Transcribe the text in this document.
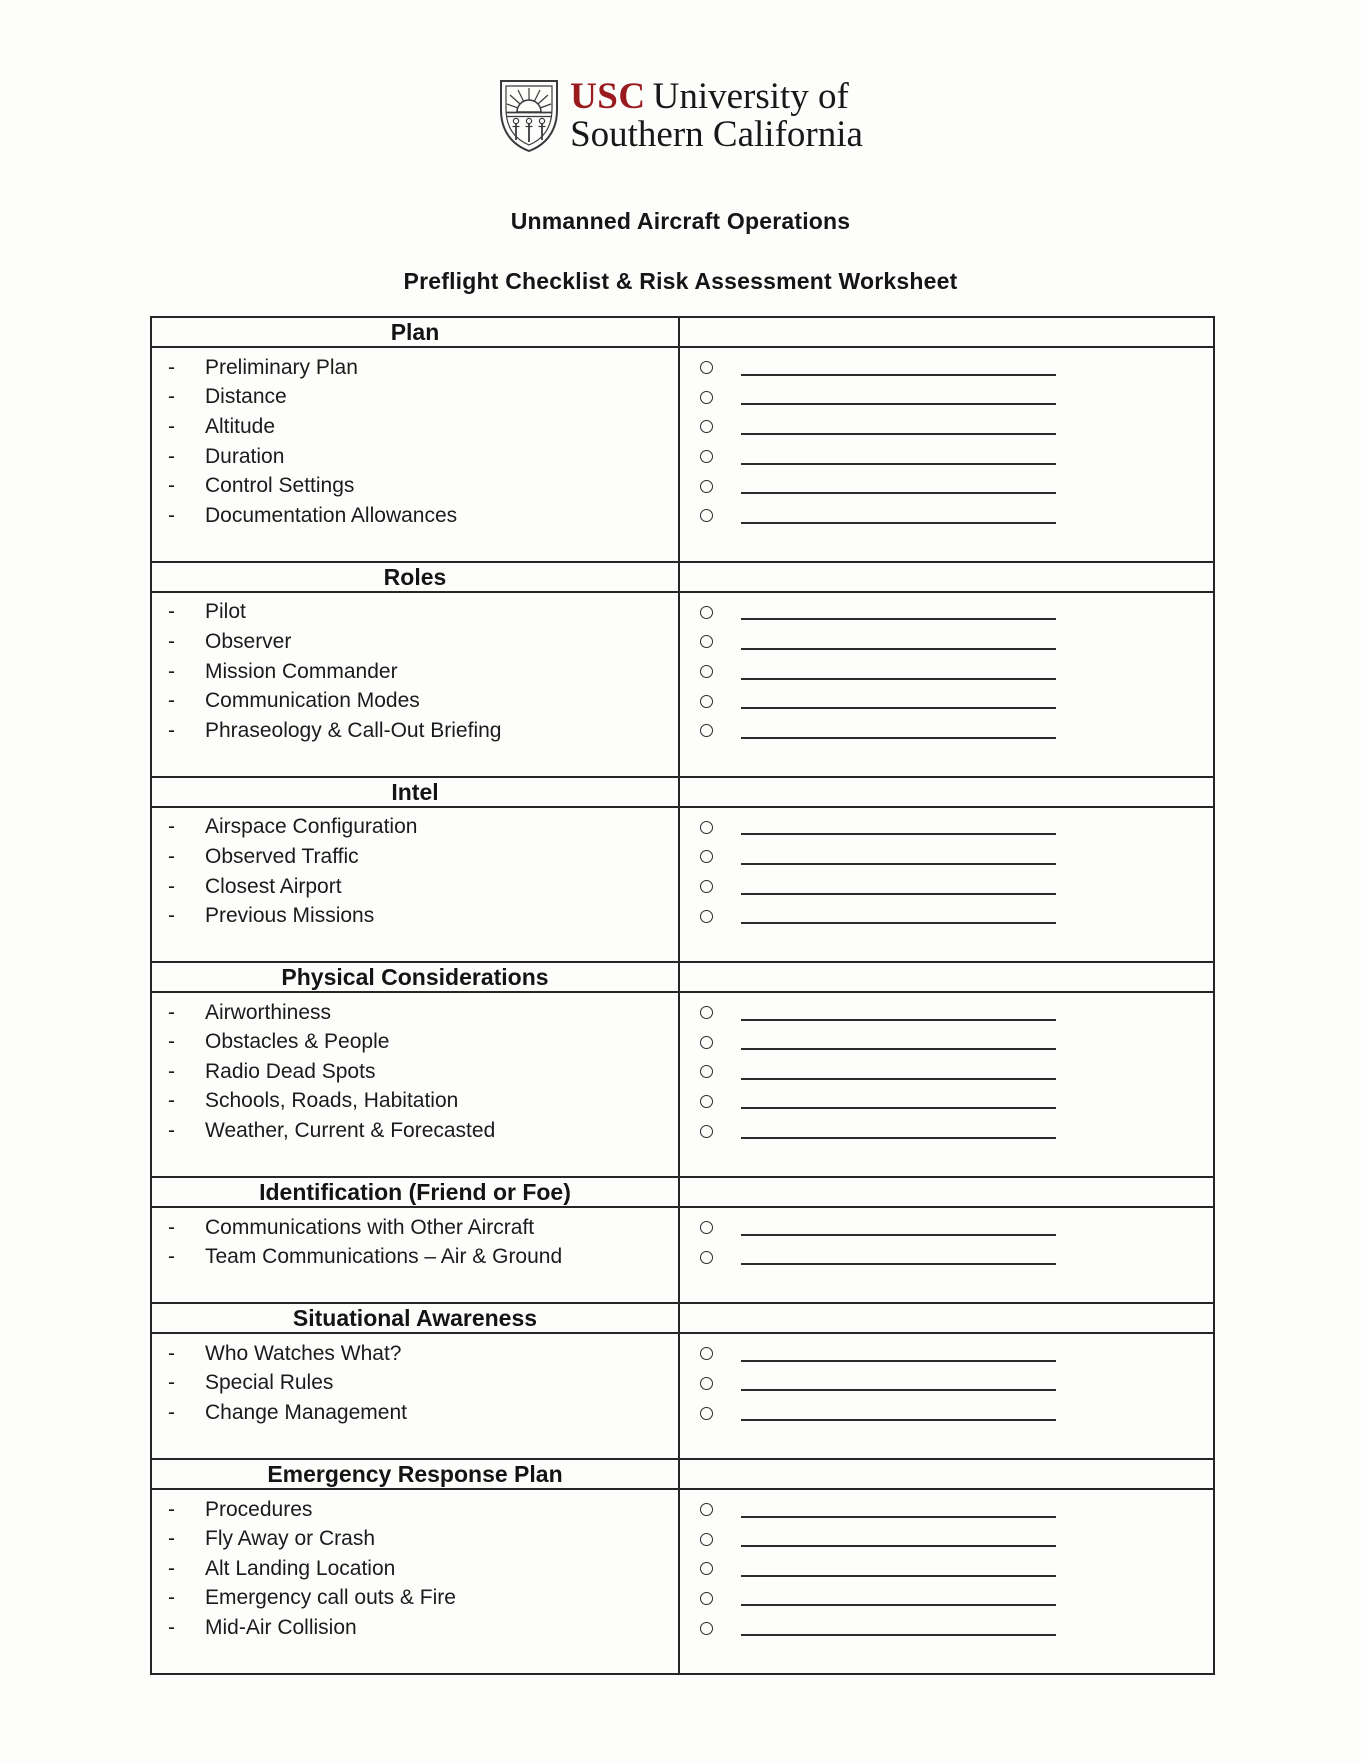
USC University of
Southern California
Unmanned Aircraft Operations
Preflight Checklist & Risk Assessment Worksheet
Plan
-	Preliminary Plan
-	Distance
-	Altitude
-	Duration
-	Control Settings
-	Documentation Allowances
Roles
-	Pilot
-	Observer
-	Mission Commander
-	Communication Modes
-	Phraseology & Call-Out Briefing
Intel
-	Airspace Configuration
-	Observed Traffic
-	Closest Airport
-	Previous Missions
Physical Considerations
-	Airworthiness
-	Obstacles & People
-	Radio Dead Spots
-	Schools, Roads, Habitation
-	Weather, Current & Forecasted
Identification (Friend or Foe)
-	Communications with Other Aircraft
-	Team Communications – Air & Ground
Situational Awareness
-	Who Watches What?
-	Special Rules
-	Change Management
Emergency Response Plan
-	Procedures
-	Fly Away or Crash
-	Alt Landing Location
-	Emergency call outs & Fire
-	Mid-Air Collision
